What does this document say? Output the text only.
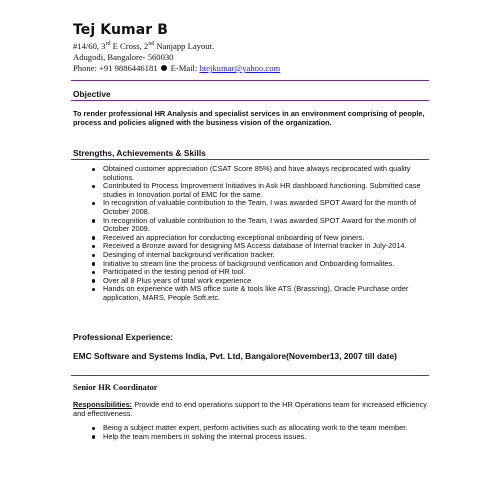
Tej Kumar B
#14/60, 3rd E Cross, 2nd Nanjapp Layout.
Adugodi, Bangalore- 560030
Phone: +91 9886446181 E-Mail: btejkumar@yahoo.com
Objective
To render professional HR Analysis and specialist services in an environment comprising of people, process and policies aligned with the business vision of the organization.
Strengths, Achievements & Skills
Obtained customer appreciation (CSAT Score 85%) and have always reciprocated with quality solutions.
Contributed to Process Improvement Initiatives in Ask HR dashboard functioning. Submitted case studies in Innovation portal of EMC for the same.
In recognition of valuable contribution to the Team, I was awarded SPOT Award for the month of October 2008.
In recognition of valuable contribution to the Team, I was awarded SPOT Award for the month of October 2009.
Received an appreciation for conducting exceptional onboarding of New joiners.
Received a Bronze award for designing MS Access database of Internal tracker in July-2014.
Desinging of internal background verification tracker.
Initiative to stream line the process of background verification and Onboarding formalites.
Participated in the testing period of HR tool.
Over all 8 Plus years of total work experience
Hands on experience with MS office suite & tools like ATS (Brassring), Oracle Purchase order application, MARS, People Soft.etc.
Professional Experience:
EMC Software and Systems India, Pvt. Ltd, Bangalore(November13, 2007 till date)
Senior HR Coordinator
Responsibilities: Provide end to end operations support to the HR Operations team for increased efficiency and effectiveness.
Being a subject matter expert, perform activities such as allocating work to the team member.
Help the team members in solving the internal process issues.
